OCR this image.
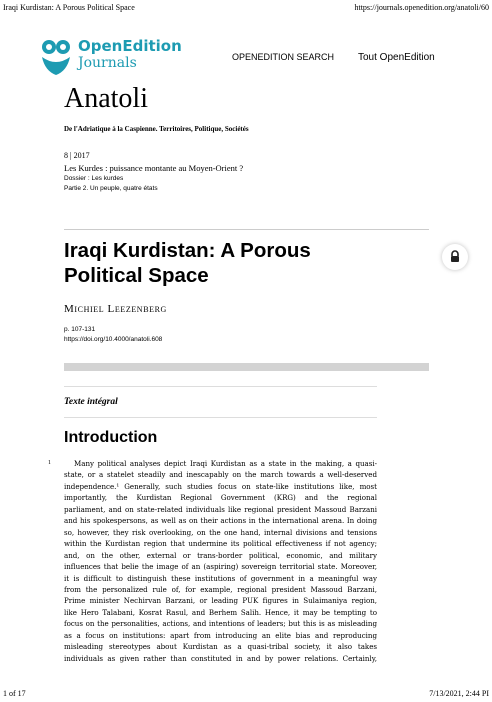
Iraqi Kurdistan: A Porous Political Space	https://journals.openedition.org/anatoli/60
OpenEdition
Journals	OPENEDITION SEARCH Tout OpenEdition
Anatoli
De l'Adriatique à la Caspienne. Territoires, Politique, Sociétés
8 | 2017
Les Kurdes : puissance montante au Moyen-Orient ?
Dossier : Les kurdes
Partie 2. Un peuple, quatre états
Iraqi Kurdistan: A Porous Political Space
Michiel Leezenberg
p. 107-131
https://doi.org/10.4000/anatoli.608
Texte intégral
Introduction
1	Many political analyses depict Iraqi Kurdistan as a state in the making, a quasi-
state, or a statelet steadily and inescapably on the march towards a well-deserved
independence.¹ Generally, such studies focus on state-like institutions like, most
importantly, the Kurdistan Regional Government (KRG) and the regional
parliament, and on state-related individuals like regional president Massoud Barzani
and his spokespersons, as well as on their actions in the international arena. In doing
so, however, they risk overlooking, on the one hand, internal divisions and tensions
within the Kurdistan region that undermine its political effectiveness if not agency;
and, on the other, external or trans-border political, economic, and military
influences that belie the image of an (aspiring) sovereign territorial state. Moreover,
it is difficult to distinguish these institutions of government in a meaningful way
from the personalized rule of, for example, regional president Massoud Barzani,
Prime minister Nechirvan Barzani, or leading PUK figures in Sulaimaniya region,
like Hero Talabani, Kosrat Rasul, and Berhem Salih. Hence, it may be tempting to
focus on the personalities, actions, and intentions of leaders; but this is as misleading
as a focus on institutions: apart from introducing an elite bias and reproducing
misleading stereotypes about Kurdistan as a quasi-tribal society, it also takes
individuals as given rather than constituted in and by power relations. Certainly,
1 of 17	7/13/2021, 2:44 PI
